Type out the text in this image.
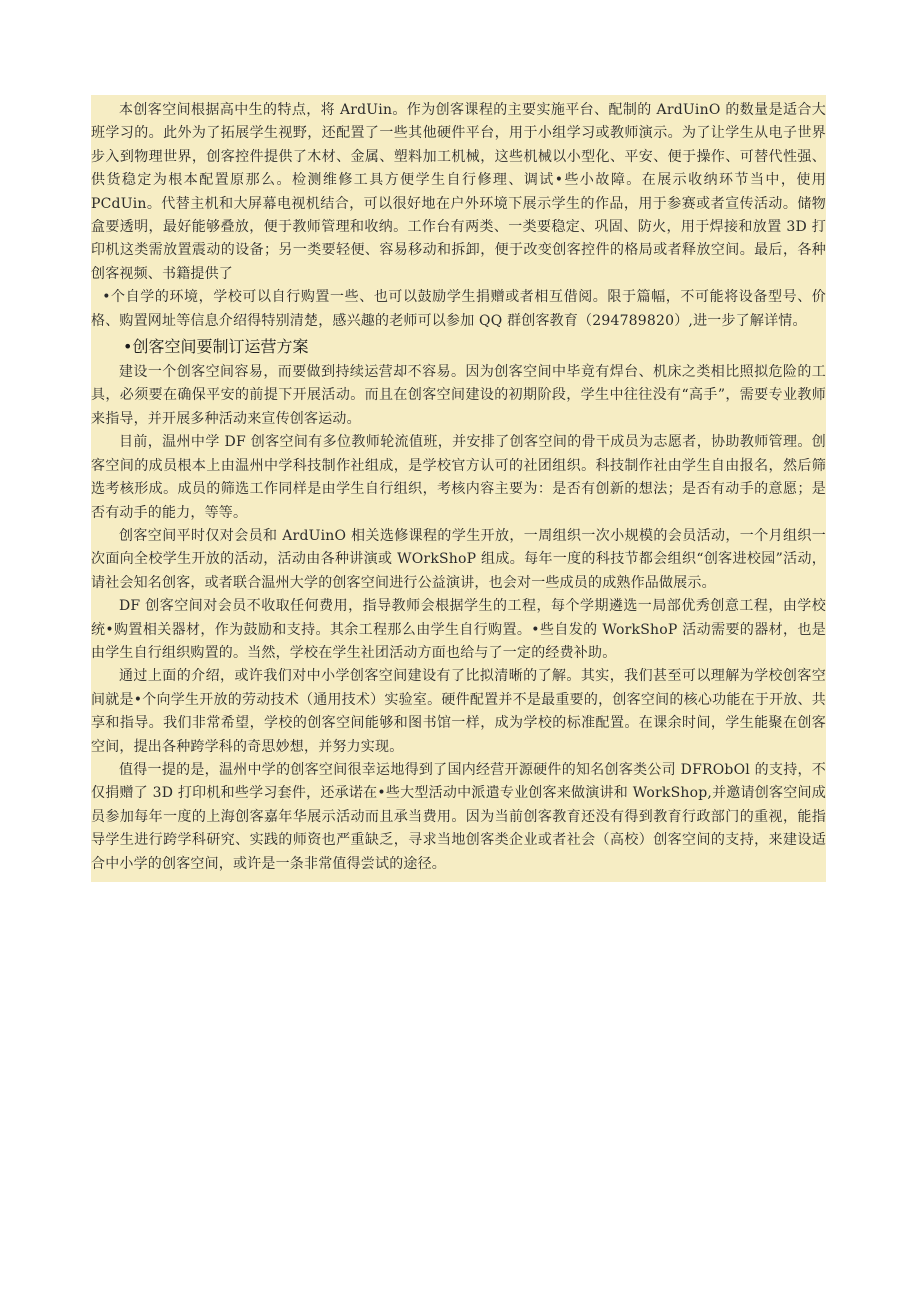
本创客空间根据高中生的特点，将 ArdUin。作为创客课程的主要实施平台、配制的 ArdUinO 的数量是适合大班学习的。此外为了拓展学生视野，还配置了一些其他硬件平台，用于小组学习或教师演示。为了让学生从电子世界步入到物理世界，创客控件提供了木材、金属、塑料加工机械，这些机械以小型化、平安、便于操作、可替代性强、供货稳定为根本配置原那么。检测维修工具方便学生自行修理、调试•些小故障。在展示收纳环节当中，使用 PCdUin。代替主机和大屏幕电视机结合，可以很好地在户外环境下展示学生的作品，用于参赛或者宣传活动。储物盒要透明，最好能够叠放，便于教师管理和收纳。工作台有两类、一类要稳定、巩固、防火，用于焊接和放置 3D 打印机这类需放置震动的设备；另一类要轻便、容易移动和拆卸，便于改变创客控件的格局或者释放空间。最后，各种创客视频、书籍提供了

•个自学的环境，学校可以自行购置一些、也可以鼓励学生捐赠或者相互借阅。限于篇幅，不可能将设备型号、价格、购置网址等信息介绍得特别清楚，感兴趣的老师可以参加 QQ 群创客教育（294789820）,进一步了解详情。

•创客空间要制订运营方案

建设一个创客空间容易，而要做到持续运营却不容易。因为创客空间中毕竟有焊台、机床之类相比照拟危险的工具，必须要在确保平安的前提下开展活动。而且在创客空间建设的初期阶段，学生中往往没有“高手”，需要专业教师来指导，并开展多种活动来宣传创客运动。

目前，温州中学 DF 创客空间有多位教师轮流值班，并安排了创客空间的骨干成员为志愿者，协助教师管理。创客空间的成员根本上由温州中学科技制作社组成，是学校官方认可的社团组织。科技制作社由学生自由报名，然后筛选考核形成。成员的筛选工作同样是由学生自行组织，考核内容主要为：是否有创新的想法；是否有动手的意愿；是否有动手的能力，等等。

创客空间平时仅对会员和 ArdUinO 相关选修课程的学生开放，一周组织一次小规模的会员活动，一个月组织一次面向全校学生开放的活动，活动由各种讲演或 WOrkShoP 组成。每年一度的科技节都会组织“创客进校园”活动，请社会知名创客，或者联合温州大学的创客空间进行公益演讲，也会对一些成员的成熟作品做展示。

DF 创客空间对会员不收取任何费用，指导教师会根据学生的工程，每个学期遴选一局部优秀创意工程，由学校统•购置相关器材，作为鼓励和支持。其余工程那么由学生自行购置。•些自发的 WorkShoP 活动需要的器材，也是由学生自行组织购置的。当然，学校在学生社团活动方面也给与了一定的经费补助。

通过上面的介绍，或许我们对中小学创客空间建设有了比拟清晰的了解。其实，我们甚至可以理解为学校创客空间就是•个向学生开放的劳动技术（通用技术）实验室。硬件配置并不是最重要的，创客空间的核心功能在于开放、共享和指导。我们非常希望，学校的创客空间能够和图书馆一样，成为学校的标准配置。在课余时间，学生能聚在创客空间，提出各种跨学科的奇思妙想，并努力实现。

值得一提的是，温州中学的创客空间很幸运地得到了国内经营开源硬件的知名创客类公司 DFRObOl 的支持，不仅捐赠了 3D 打印机和些学习套件，还承诺在•些大型活动中派遣专业创客来做演讲和 WorkShop,并邀请创客空间成员参加每年一度的上海创客嘉年华展示活动而且承当费用。因为当前创客教育还没有得到教育行政部门的重视，能指导学生进行跨学科研究、实践的师资也严重缺乏，寻求当地创客类企业或者社会（高校）创客空间的支持，来建设适合中小学的创客空间，或许是一条非常值得尝试的途径。
